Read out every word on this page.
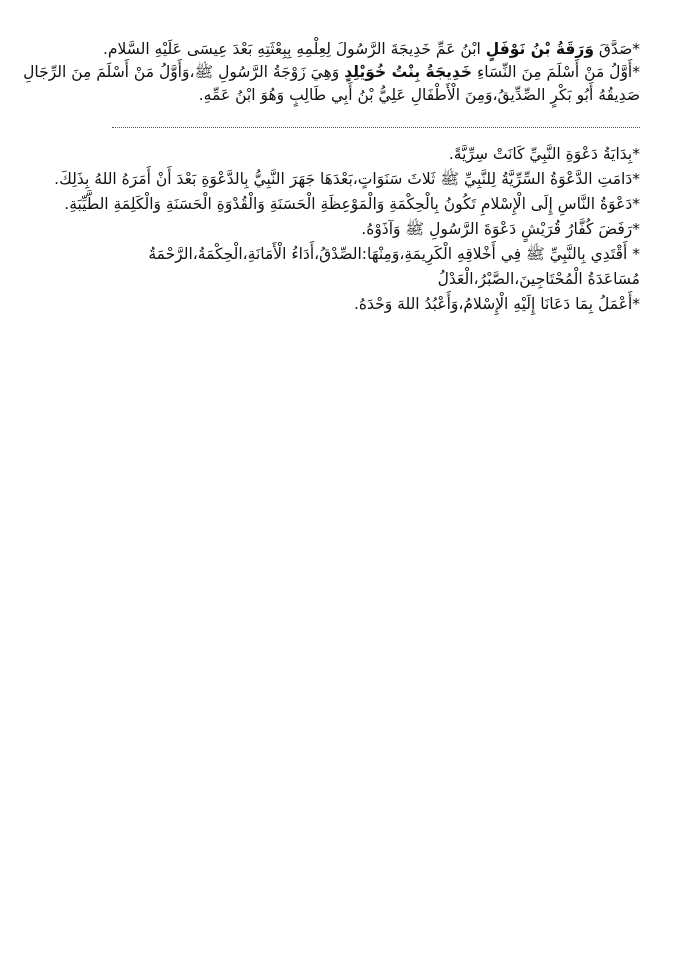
*صَدَّقَ وَرَقَةُ بْنُ نَوْفَلٍ ابْنُ عَمِّ خَدِيجَةَ الرَّسُولَ لِعِلْمِهِ بِبِعْثَتِهِ بَعْدَ عِيسَى عَلَيْهِ السَّلام.
*أَوَّلُ مَنْ أَسْلَمَ مِنَ النِّسَاءِ خَدِيجَةُ بِنْتُ خُوَيْلِدٍ وَهِيَ زَوْجَةُ الرَّسُولِ ﷺ،وَأَوَّلُ مَنْ أَسْلَمَ مِنَ الرِّجَالِ
صَدِيقُهُ أَبُو بَكْرٍ الصِّدِّيقُ،وَمِنَ الْأَطْفَالِ عَلِيُّ بْنُ أَبِي طَالِبٍ وَهُوَ ابْنُ عَمِّهِ.
*بِدَايَةُ دَعْوَةِ النَّبِيِّ كَانَتْ سِرِّيَّةً.
*دَامَتِ الدَّعْوَةُ السِّرِّيَّةُ لِلنَّبِيِّ ﷺ ثَلاثَ سَنَوَاتٍ،بَعْدَهَا جَهَرَ النَّبِيُّ بِالدَّعْوَةِ بَعْدَ أَنْ أَمَرَهُ اللهُ بِذَلِكَ.
*دَعْوَةُ النَّاسِ إِلَى الْإِسْلامِ تَكُونُ بِالْحِكْمَةِ وَالْمَوْعِظَةِ الْحَسَنَةِ وَالْقُدْوَةِ الْحَسَنَةِ وَالْكَلِمَةِ الطَّيِّبَةِ.
*رَفَضَ كُفَّارُ قُرَيْشٍ دَعْوَةَ الرَّسُولِ ﷺ وَآذَوْهُ.
* أَقْتَدِي بِالنَّبِيِّ ﷺ فِي أَخْلاقِهِ الْكَرِيمَةِ،وَمِنْهَا:الصِّدْقُ،أَدَاءُ الْأَمَانَةِ،الْحِكْمَةُ،الرَّحْمَةُ مُسَاعَدَةُ الْمُحْتَاجِينَ،الصَّبْرُ،الْعَدْلُ
*أَعْمَلُ بِمَا دَعَانَا إِلَيْهِ الْإِسْلامُ،وَأَعْبُدُ اللهَ وَحْدَهُ.
